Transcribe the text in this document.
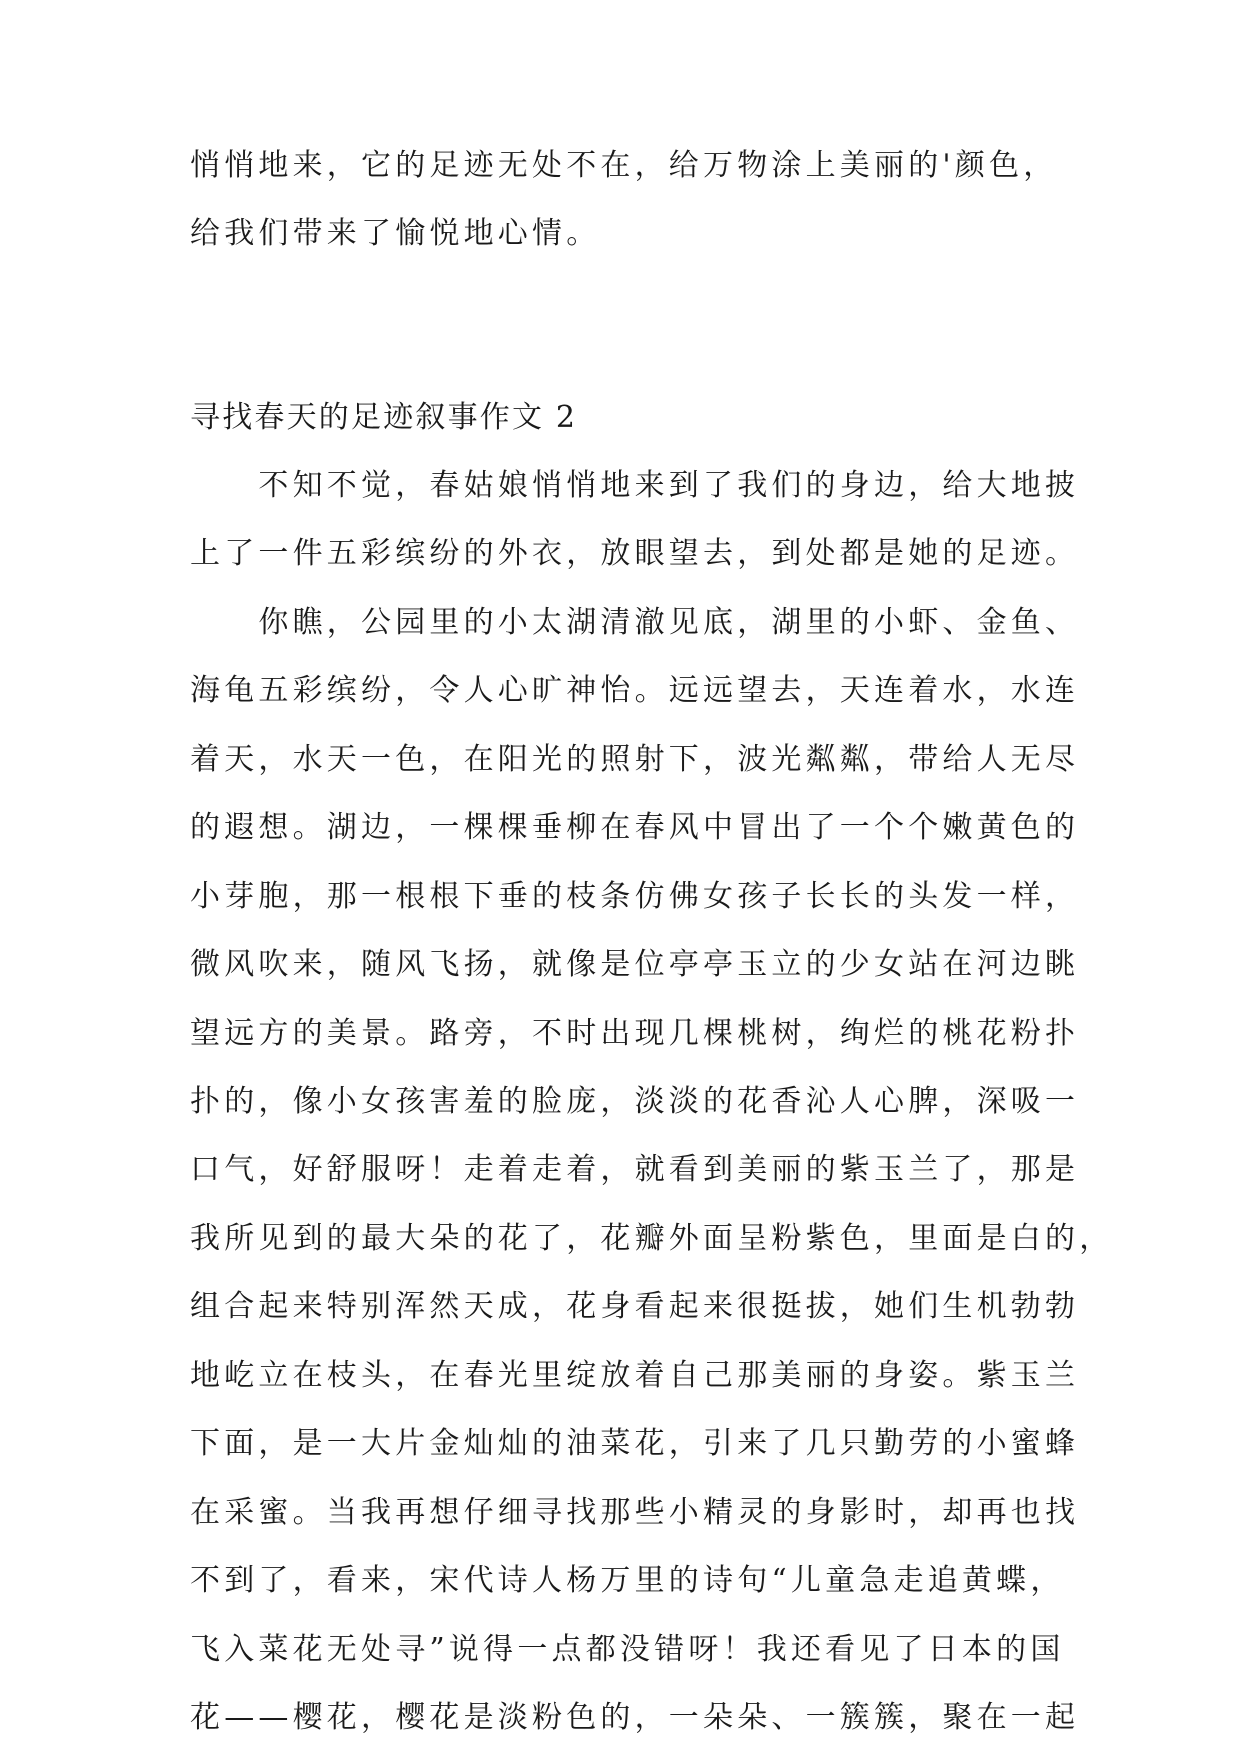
悄悄地来，它的足迹无处不在，给万物涂上美丽的'颜色，
给我们带来了愉悦地心情。
寻找春天的足迹叙事作文 2
　　不知不觉，春姑娘悄悄地来到了我们的身边，给大地披
上了一件五彩缤纷的外衣，放眼望去，到处都是她的足迹。
　　你瞧，公园里的小太湖清澈见底，湖里的小虾、金鱼、
海龟五彩缤纷，令人心旷神怡。远远望去，天连着水，水连
着天，水天一色，在阳光的照射下，波光粼粼，带给人无尽
的遐想。湖边，一棵棵垂柳在春风中冒出了一个个嫩黄色的
小芽胞，那一根根下垂的枝条仿佛女孩子长长的头发一样，
微风吹来，随风飞扬，就像是位亭亭玉立的少女站在河边眺
望远方的美景。路旁，不时出现几棵桃树，绚烂的桃花粉扑
扑的，像小女孩害羞的脸庞，淡淡的花香沁人心脾，深吸一
口气，好舒服呀！走着走着，就看到美丽的紫玉兰了，那是
我所见到的最大朵的花了，花瓣外面呈粉紫色，里面是白的，
组合起来特别浑然天成，花身看起来很挺拔，她们生机勃勃
地屹立在枝头，在春光里绽放着自己那美丽的身姿。紫玉兰
下面，是一大片金灿灿的油菜花，引来了几只勤劳的小蜜蜂
在采蜜。当我再想仔细寻找那些小精灵的身影时，却再也找
不到了，看来，宋代诗人杨万里的诗句“儿童急走追黄蝶，
飞入菜花无处寻”说得一点都没错呀！我还看见了日本的国
花——樱花，樱花是淡粉色的，一朵朵、一簇簇，聚在一起
